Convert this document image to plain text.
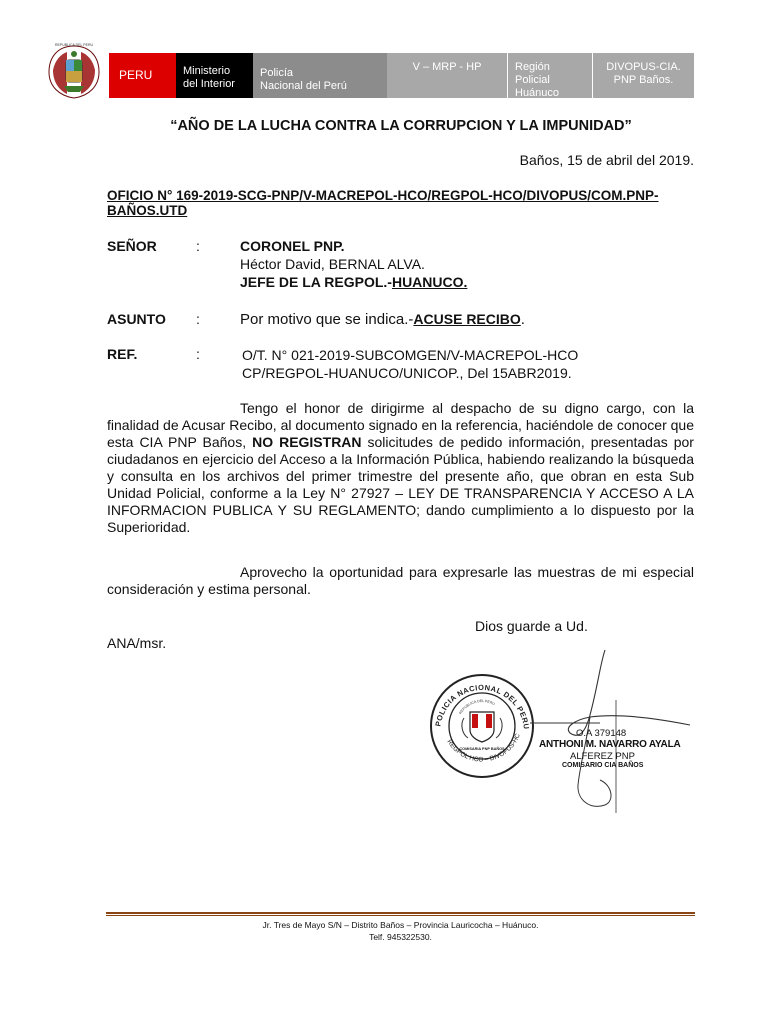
REPUBLICA DEL PERU
PERU	Ministerio
del Interior
Policía
Nacional del Perú
V – MRP - HP	Región Policial
Huánuco
DIVOPUS-CIA.
PNP Baños.
“AÑO DE LA LUCHA CONTRA LA CORRUPCION Y LA IMPUNIDAD”
Baños, 15 de abril del 2019.
OFICIO N° 169-2019-SCG-PNP/V-MACREPOL-HCO/REGPOL-HCO/DIVOPUS/COM.PNP-BAÑOS.UTD
SEÑOR	:	CORONEL PNP.
Héctor David, BERNAL ALVA.
JEFE DE LA REGPOL.-HUANUCO.
ASUNTO :	Por motivo que se indica.-ACUSE RECIBO.
REF.	:	O/T. N° 021-2019-SUBCOMGEN/V-MACREPOL-HCO
CP/REGPOL-HUANUCO/UNICOP., Del 15ABR2019.
Tengo el honor de dirigirme al despacho de su digno cargo, con la finalidad de Acusar Recibo, al documento signado en la referencia, haciéndole de conocer que esta CIA PNP Baños, NO REGISTRAN solicitudes de pedido información, presentadas por ciudadanos en ejercicio del Acceso a la Información Pública, habiendo realizando la búsqueda y consulta en los archivos del primer trimestre del presente año, que obran en esta Sub Unidad Policial, conforme a la Ley N° 27927 – LEY DE TRANSPARENCIA Y ACCESO A LA INFORMACION PUBLICA Y SU REGLAMENTO; dando cumplimiento a lo dispuesto por la Superioridad.
Aprovecho la oportunidad para expresarle las muestras de mi especial consideración y estima personal.
Dios guarde a Ud.
ANA/msr.
POLICIA NACIONAL DEL PERU
REGPOL HCO – DIVOPUS-HC
REPUBLICA DEL PERU
COMISARIA PNP BAÑOS
O.A 379148
ANTHONI M. NAVARRO AYALA
ALFEREZ PNP
COMISARIO CIA BAÑOS
Jr. Tres de Mayo S/N – Distrito Baños – Provincia Lauricocha – Huánuco.
Telf. 945322530.
